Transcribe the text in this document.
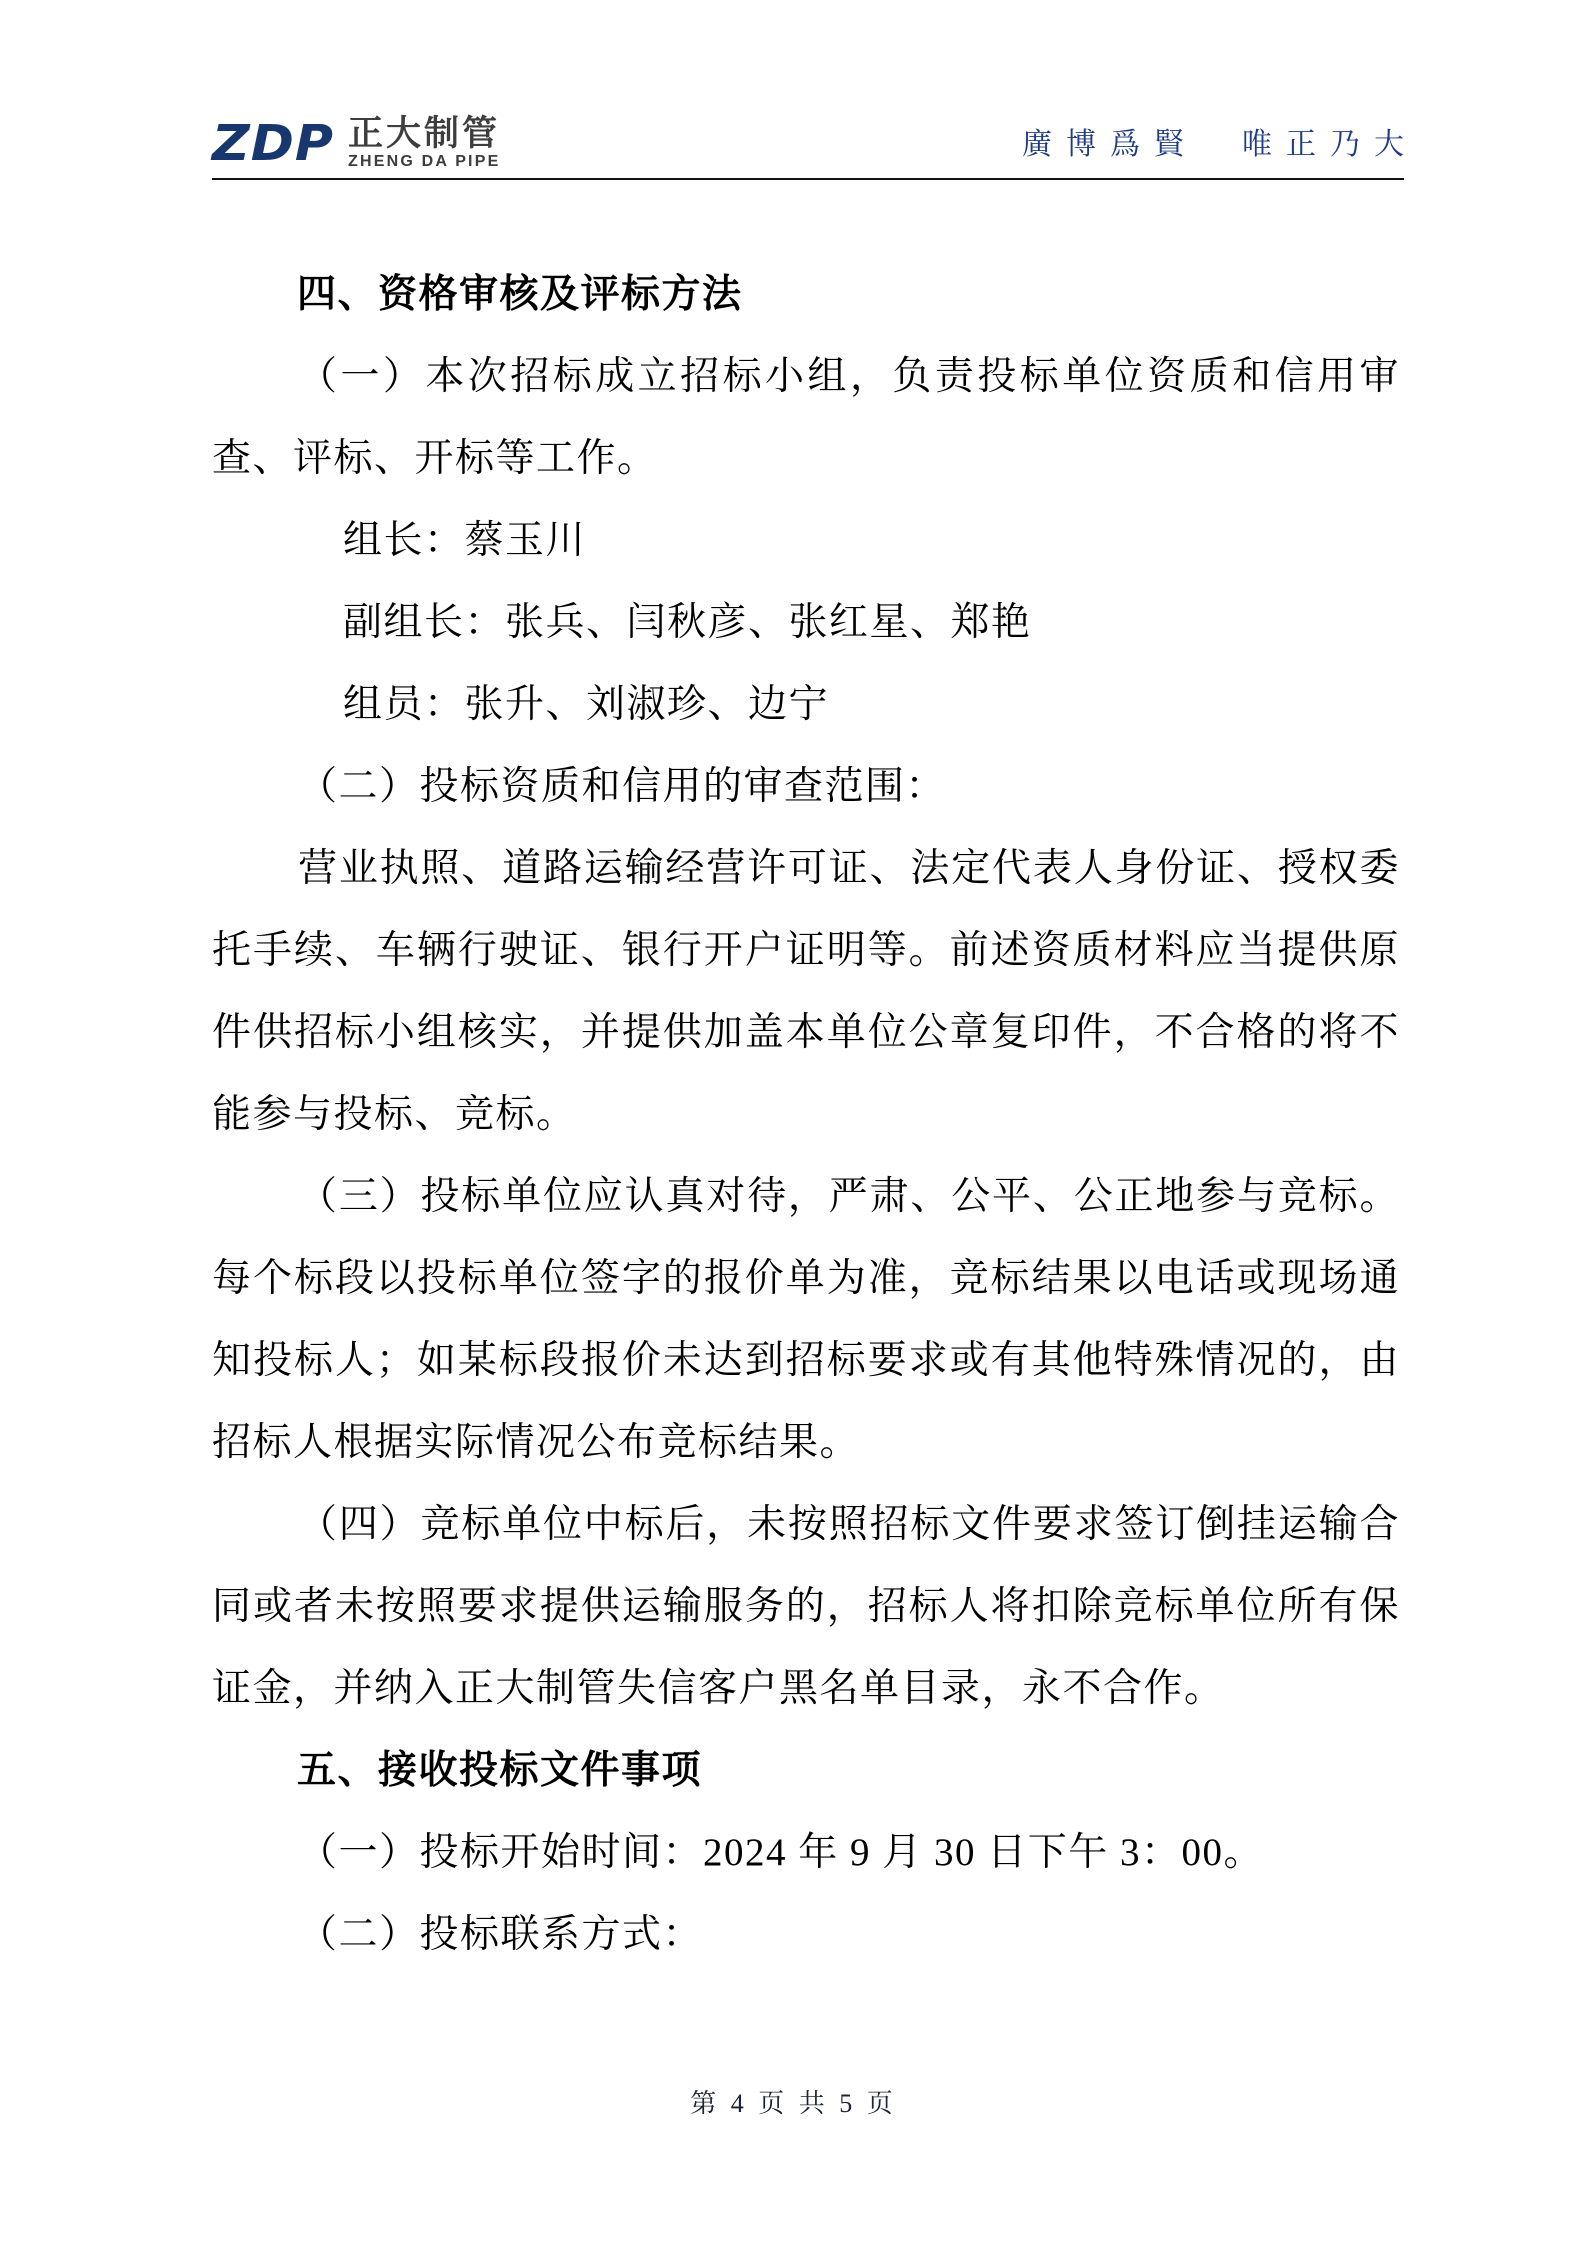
ZDP 正大制管
ZHENG DA PIPE
廣博爲賢　唯正乃大

四、资格审核及评标方法

（一）本次招标成立招标小组，负责投标单位资质和信用审查、评标、开标等工作。

组长：蔡玉川

副组长：张兵、闫秋彦、张红星、郑艳

组员：张升、刘淑珍、边宁

（二）投标资质和信用的审查范围：

营业执照、道路运输经营许可证、法定代表人身份证、授权委托手续、车辆行驶证、银行开户证明等。前述资质材料应当提供原件供招标小组核实，并提供加盖本单位公章复印件，不合格的将不能参与投标、竞标。

（三）投标单位应认真对待，严肃、公平、公正地参与竞标。每个标段以投标单位签字的报价单为准，竞标结果以电话或现场通知投标人；如某标段报价未达到招标要求或有其他特殊情况的，由招标人根据实际情况公布竞标结果。

（四）竞标单位中标后，未按照招标文件要求签订倒挂运输合同或者未按照要求提供运输服务的，招标人将扣除竞标单位所有保证金，并纳入正大制管失信客户黑名单目录，永不合作。

五、接收投标文件事项

（一）投标开始时间：2024 年 9 月 30 日下午 3：00。

（二）投标联系方式：

第 4 页 共 5 页
